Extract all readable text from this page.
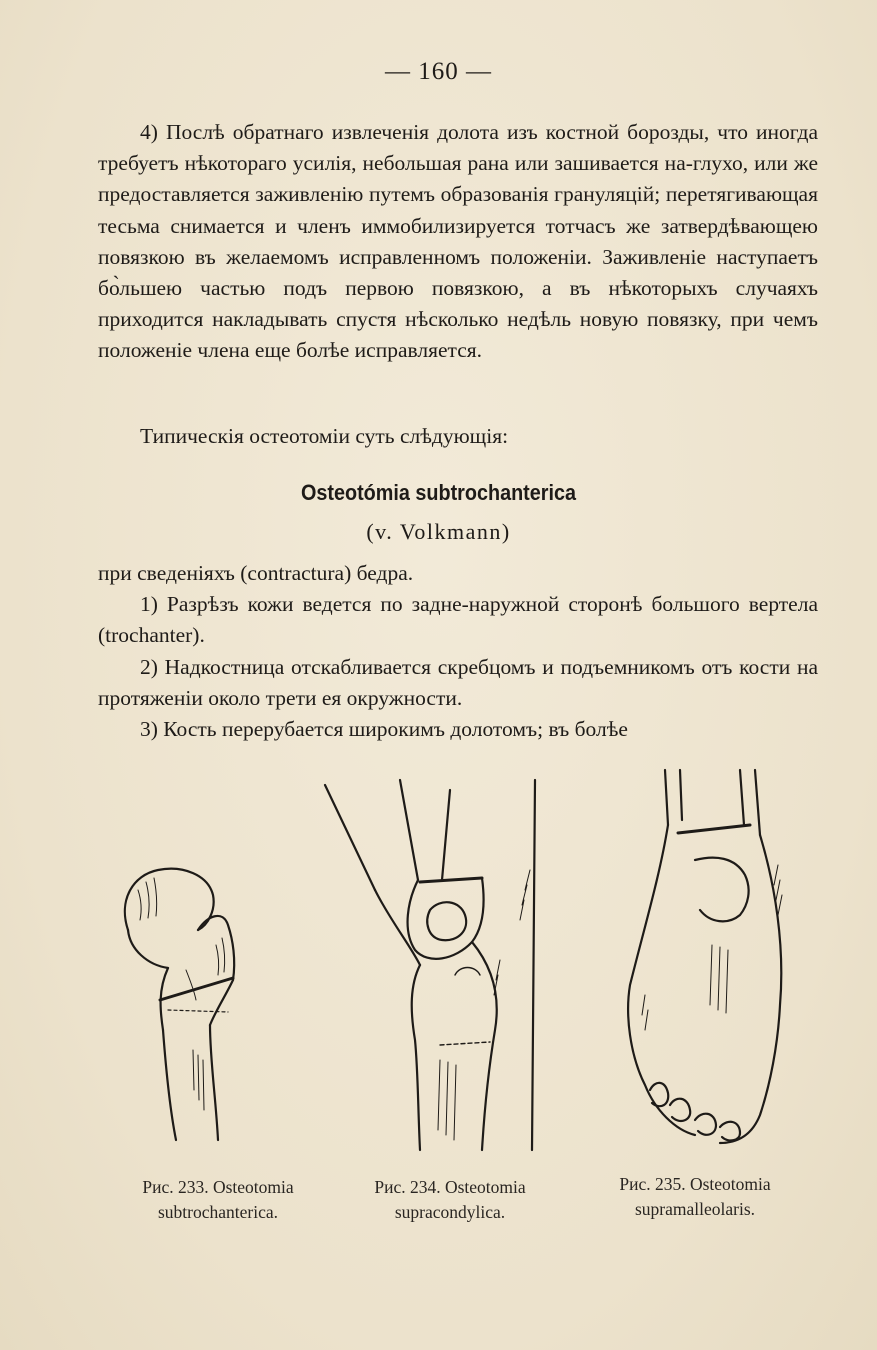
— 160 —

4) Послѣ обратнаго извлеченія долота изъ костной борозды, что иногда требуетъ нѣкотораго усилія, небольшая рана или зашивается на-глухо, или же предоставляется заживленію путемъ образованія грануляцій; перетягивающая тесьма снимается и членъ иммобилизируется тотчасъ же затвердѣвающею повязкою въ желаемомъ исправленномъ положеніи. Заживленіе наступаетъ бо̀льшею частью подъ первою повязкою, а въ нѣкоторыхъ случаяхъ приходится накладывать спустя нѣсколько недѣль новую повязку, при чемъ положеніе члена еще болѣе исправляется.

Типическія остеотоміи суть слѣдующія:

Osteotómia subtrochanterica
(v. Volkmann)

при сведеніяхъ (contractura) бедра.

1) Разрѣзъ кожи ведется по задне-наружной сторонѣ большого вертела (trochanter).

2) Надкостница отскабливается скребцомъ и подъемникомъ отъ кости на протяженіи около трети ея окружности.

3) Кость перерубается широкимъ долотомъ; въ болѣе

Рис. 233. Osteotomia
subtrochanterica.
Рис. 234. Osteotomia
supracondylica.
Рис. 235. Osteotomia
supramalleolaris.
